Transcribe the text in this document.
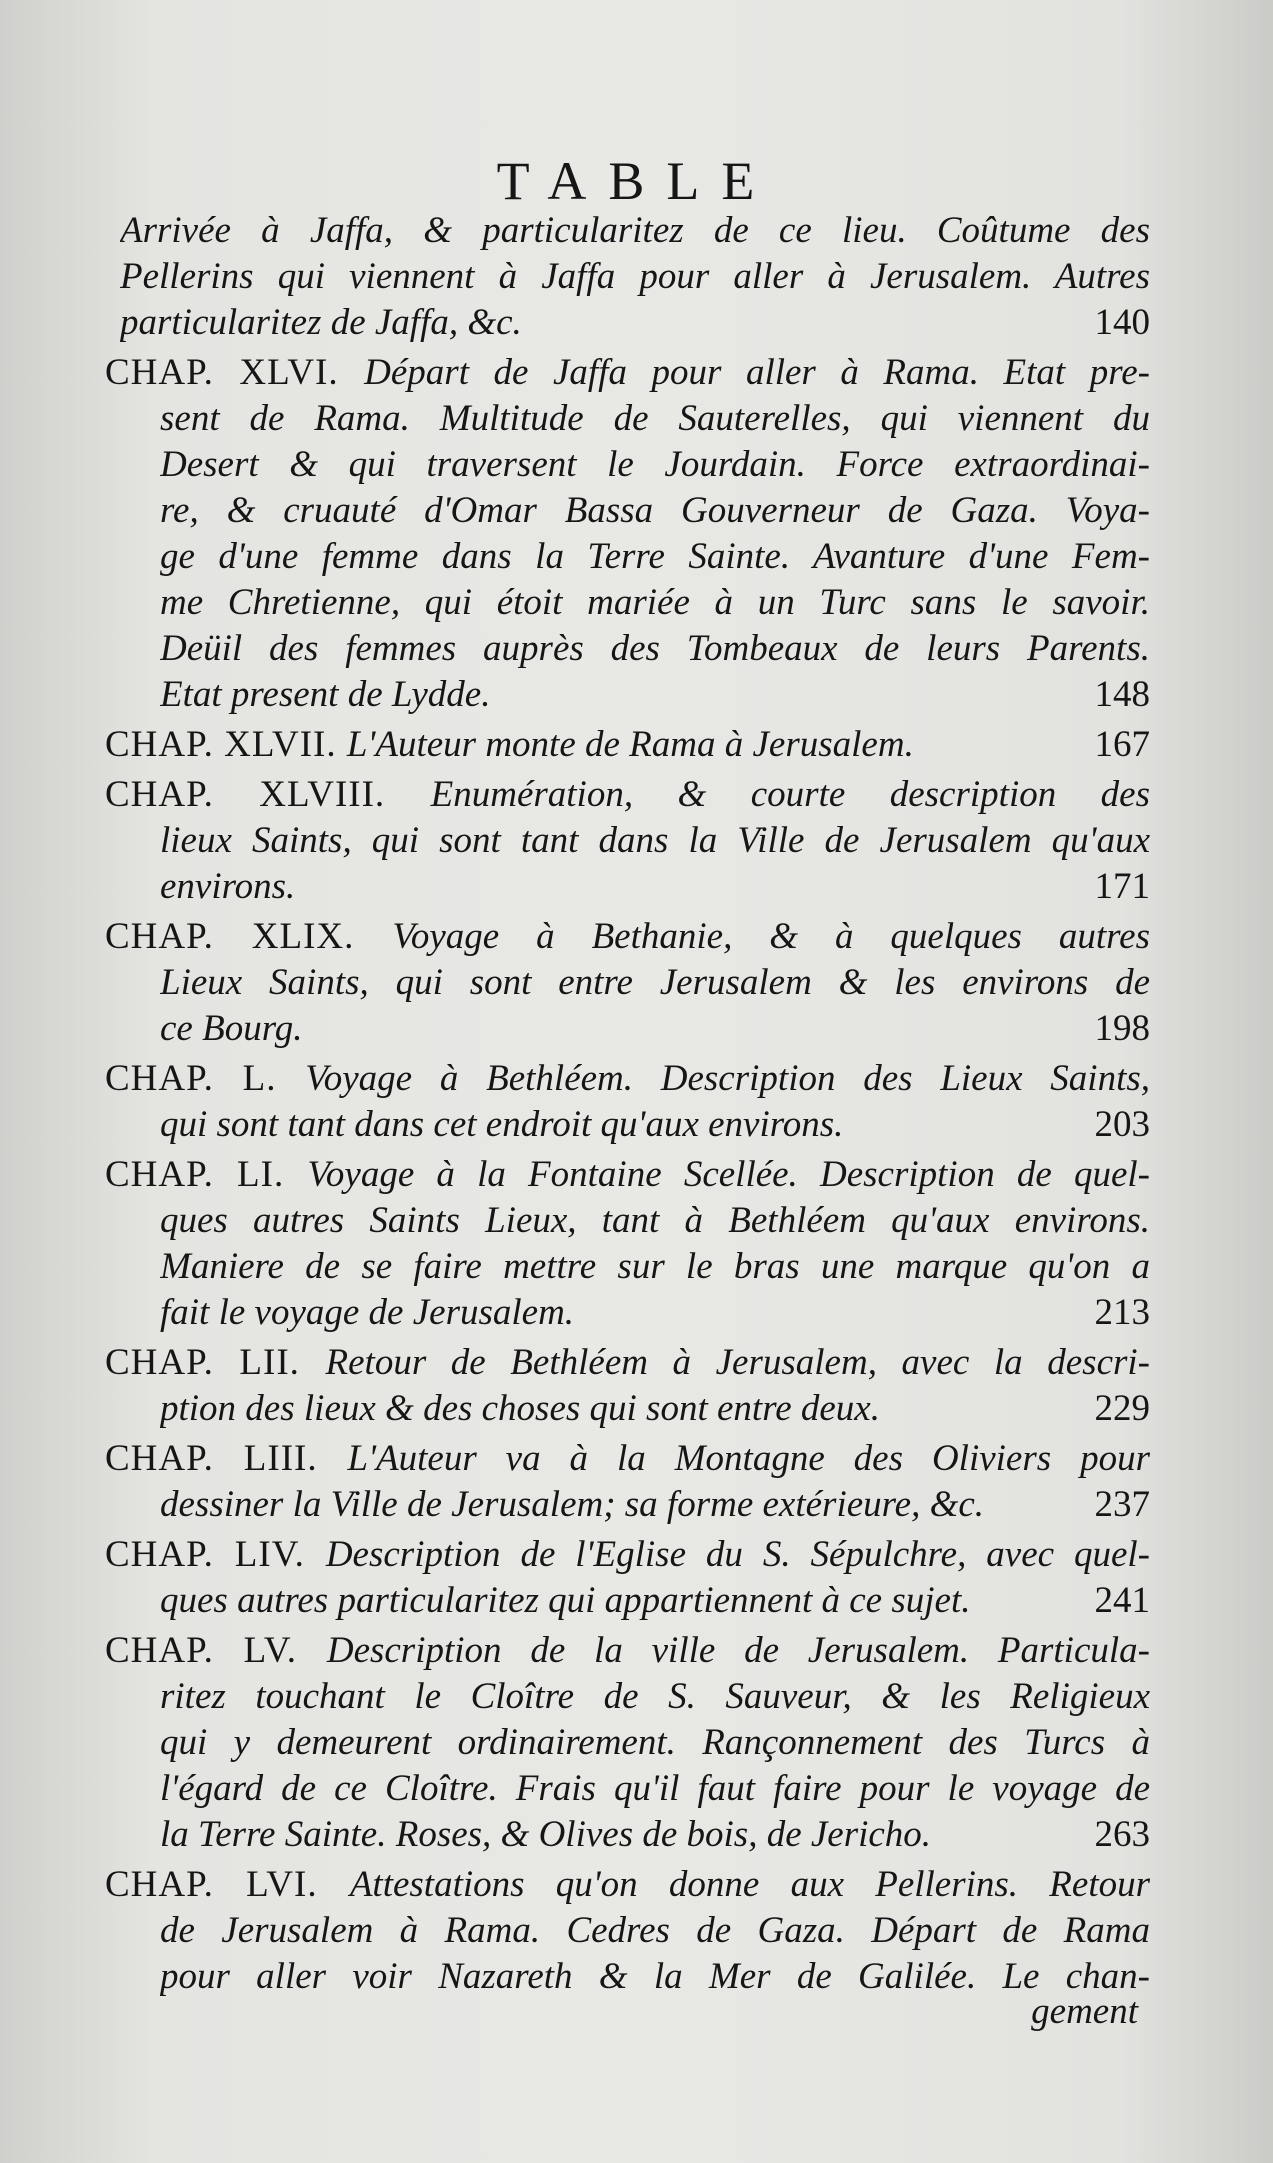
TABLE
Arrivée à Jaffa, & particularitez de ce lieu. Coûtume des
Pellerins qui viennent à Jaffa pour aller à Jerusalem. Autres
particularitez de Jaffa, &c.	140
CHAP. XLVI. Départ de Jaffa pour aller à Rama. Etat pre-
sent de Rama. Multitude de Sauterelles, qui viennent du
Desert & qui traversent le Jourdain. Force extraordinai-
re, & cruauté d'Omar Bassa Gouverneur de Gaza. Voya-
ge d'une femme dans la Terre Sainte. Avanture d'une Fem-
me Chretienne, qui étoit mariée à un Turc sans le savoir.
Deüil des femmes auprès des Tombeaux de leurs Parents.
Etat present de Lydde.	148
CHAP. XLVII. L'Auteur monte de Rama à Jerusalem.	167
CHAP. XLVIII. Enumération, & courte description des
lieux Saints, qui sont tant dans la Ville de Jerusalem qu'aux
environs.	171
CHAP. XLIX. Voyage à Bethanie, & à quelques autres
Lieux Saints, qui sont entre Jerusalem & les environs de
ce Bourg.	198
CHAP. L. Voyage à Bethléem. Description des Lieux Saints,
qui sont tant dans cet endroit qu'aux environs.	203
CHAP. LI. Voyage à la Fontaine Scellée. Description de quel-
ques autres Saints Lieux, tant à Bethléem qu'aux environs.
Maniere de se faire mettre sur le bras une marque qu'on a
fait le voyage de Jerusalem.	213
CHAP. LII. Retour de Bethléem à Jerusalem, avec la descri-
ption des lieux & des choses qui sont entre deux.	229
CHAP. LIII. L'Auteur va à la Montagne des Oliviers pour
dessiner la Ville de Jerusalem; sa forme extérieure, &c.	237
CHAP. LIV. Description de l'Eglise du S. Sépulchre, avec quel-
ques autres particularitez qui appartiennent à ce sujet.	241
CHAP. LV. Description de la ville de Jerusalem. Particula-
ritez touchant le Cloître de S. Sauveur, & les Religieux
qui y demeurent ordinairement. Rançonnement des Turcs à
l'égard de ce Cloître. Frais qu'il faut faire pour le voyage de
la Terre Sainte. Roses, & Olives de bois, de Jericho.	263
CHAP. LVI. Attestations qu'on donne aux Pellerins. Retour
de Jerusalem à Rama. Cedres de Gaza. Départ de Rama
pour aller voir Nazareth & la Mer de Galilée. Le chan-
gement
